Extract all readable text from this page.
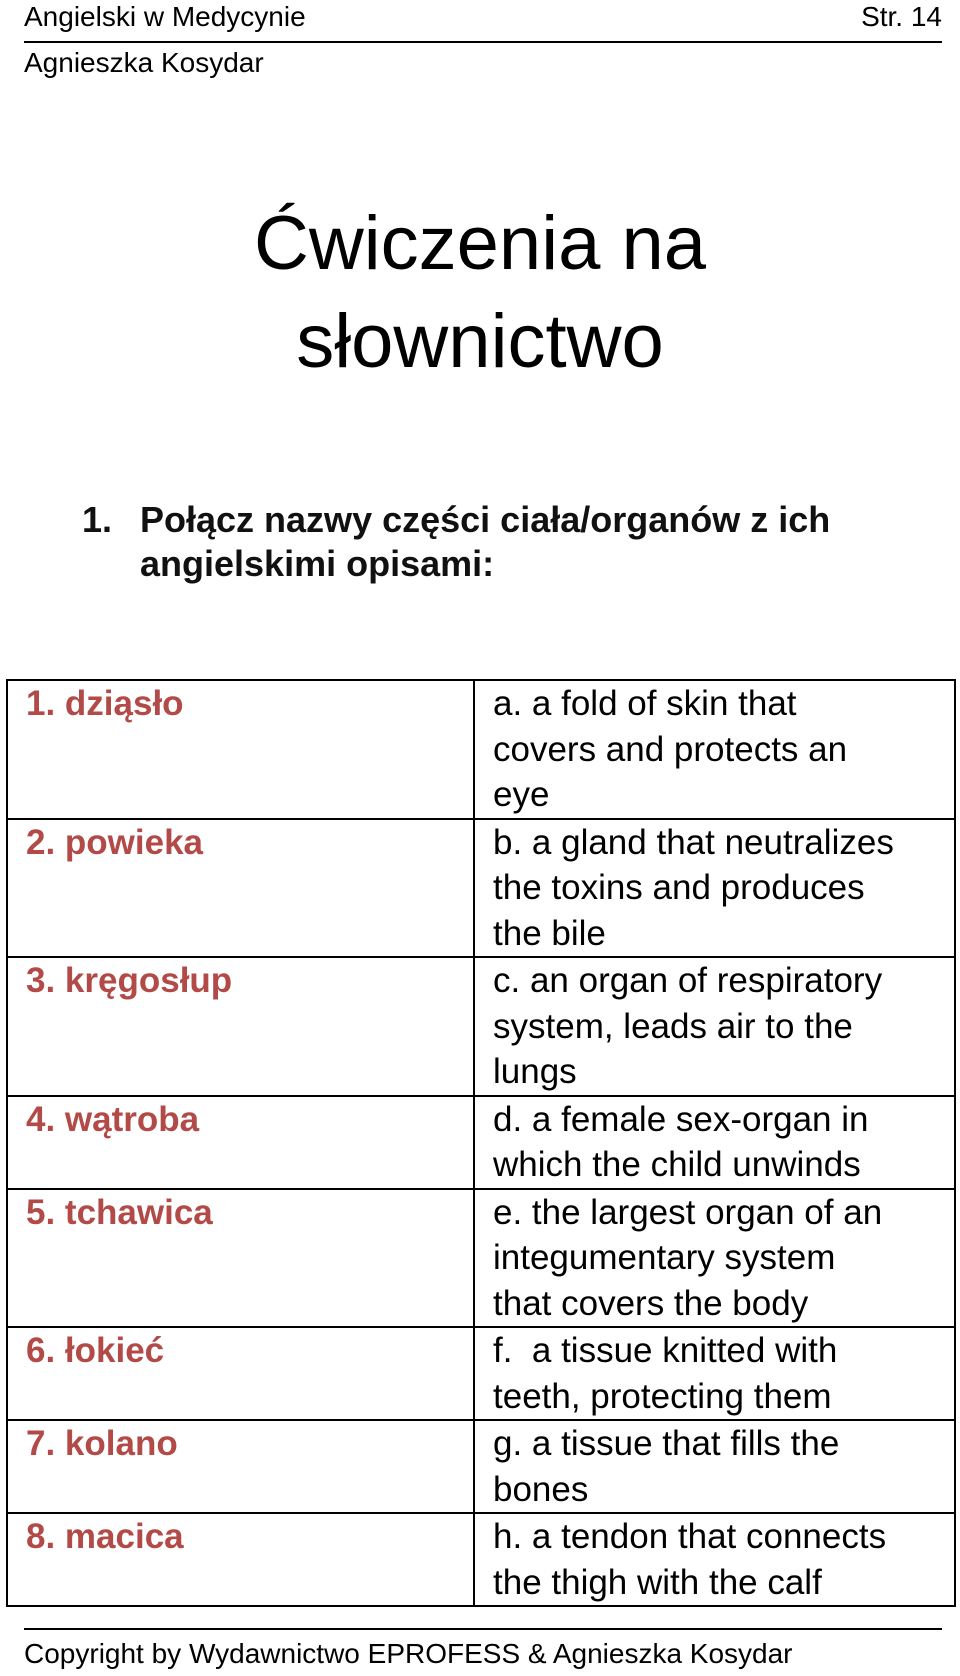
Angielski w Medycynie	Str. 14
Agnieszka Kosydar
Ćwiczenia na
słownictwo
1. Połącz nazwy części ciała/organów z ich
angielskimi opisami:
1. dziąsło	a. a fold of skin that
covers and protects an
eye

2. powieka	b. a gland that neutralizes
the toxins and produces
the bile

3. kręgosłup	c. an organ of respiratory
system, leads air to the
lungs

4. wątroba	d. a female sex-organ in
which the child unwinds

5. tchawica	e. the largest organ of an
integumentary system
that covers the body

6. łokieć	f.  a tissue knitted with
teeth, protecting them

7. kolano	g. a tissue that fills the
bones

8. macica	h. a tendon that connects
the thigh with the calf
Copyright by Wydawnictwo EPROFESS & Agnieszka Kosydar
